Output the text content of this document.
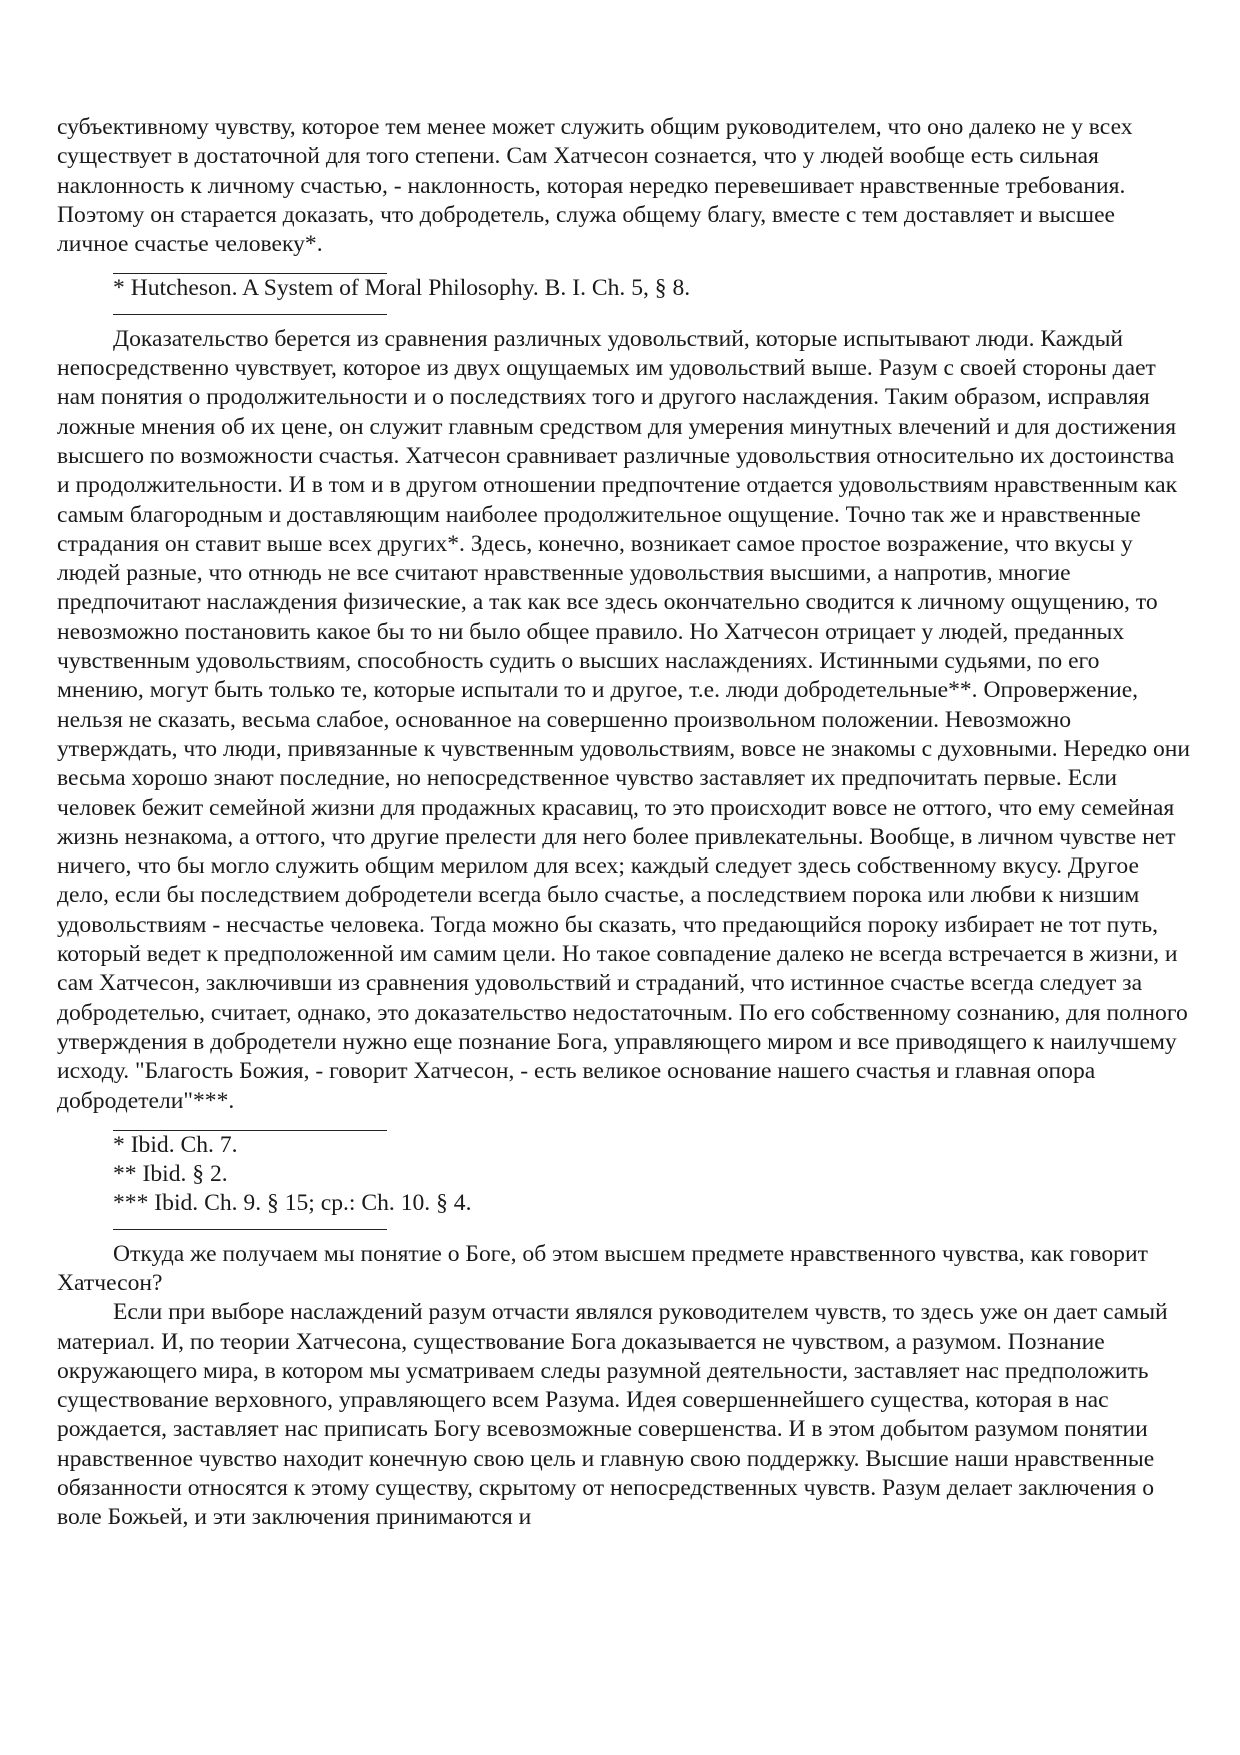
субъективному чувству, которое тем менее может служить общим руководителем, что оно далеко не у всех существует в достаточной для того степени. Сам Хатчесон сознается, что у людей вообще есть сильная наклонность к личному счастью, - наклонность, которая нередко перевешивает нравственные требования. Поэтому он старается доказать, что добродетель, служа общему благу, вместе с тем доставляет и высшее личное счастье человеку*.

* Hutcheson. A System of Moral Philosophy. B. I. Ch. 5, § 8.

Доказательство берется из сравнения различных удовольствий, которые испытывают люди. Каждый непосредственно чувствует, которое из двух ощущаемых им удовольствий выше. Разум с своей стороны дает нам понятия о продолжительности и о последствиях того и другого наслаждения. Таким образом, исправляя ложные мнения об их цене, он служит главным средством для умерения минутных влечений и для достижения высшего по возможности счастья. Хатчесон сравнивает различные удовольствия относительно их достоинства и продолжительности. И в том и в другом отношении предпочтение отдается удовольствиям нравственным как самым благородным и доставляющим наиболее продолжительное ощущение. Точно так же и нравственные страдания он ставит выше всех других*. Здесь, конечно, возникает самое простое возражение, что вкусы у людей разные, что отнюдь не все считают нравственные удовольствия высшими, а напротив, многие предпочитают наслаждения физические, а так как все здесь окончательно сводится к личному ощущению, то невозможно постановить какое бы то ни было общее правило. Но Хатчесон отрицает у людей, преданных чувственным удовольствиям, способность судить о высших наслаждениях. Истинными судьями, по его мнению, могут быть только те, которые испытали то и другое, т.е. люди добродетельные**. Опровержение, нельзя не сказать, весьма слабое, основанное на совершенно произвольном положении. Невозможно утверждать, что люди, привязанные к чувственным удовольствиям, вовсе не знакомы с духовными. Нередко они весьма хорошо знают последние, но непосредственное чувство заставляет их предпочитать первые. Если человек бежит семейной жизни для продажных красавиц, то это происходит вовсе не оттого, что ему семейная жизнь незнакома, а оттого, что другие прелести для него более привлекательны. Вообще, в личном чувстве нет ничего, что бы могло служить общим мерилом для всех; каждый следует здесь собственному вкусу. Другое дело, если бы последствием добродетели всегда было счастье, а последствием порока или любви к низшим удовольствиям - несчастье человека. Тогда можно бы сказать, что предающийся пороку избирает не тот путь, который ведет к предположенной им самим цели. Но такое совпадение далеко не всегда встречается в жизни, и сам Хатчесон, заключивши из сравнения удовольствий и страданий, что истинное счастье всегда следует за добродетелью, считает, однако, это доказательство недостаточным. По его собственному сознанию, для полного утверждения в добродетели нужно еще познание Бога, управляющего миром и все приводящего к наилучшему исходу. "Благость Божия, - говорит Хатчесон, - есть великое основание нашего счастья и главная опора добродетели"***.

* Ibid. Ch. 7.

** Ibid. § 2.

*** Ibid. Ch. 9. § 15; ср.: Ch. 10. § 4.

Откуда же получаем мы понятие о Боге, об этом высшем предмете нравственного чувства, как говорит Хатчесон?

Если при выборе наслаждений разум отчасти являлся руководителем чувств, то здесь уже он дает самый материал. И, по теории Хатчесона, существование Бога доказывается не чувством, а разумом. Познание окружающего мира, в котором мы усматриваем следы разумной деятельности, заставляет нас предположить существование верховного, управляющего всем Разума. Идея совершеннейшего существа, которая в нас рождается, заставляет нас приписать Богу всевозможные совершенства. И в этом добытом разумом понятии нравственное чувство находит конечную свою цель и главную свою поддержку. Высшие наши нравственные обязанности относятся к этому существу, скрытому от непосредственных чувств. Разум делает заключения о воле Божьей, и эти заключения принимаются и
